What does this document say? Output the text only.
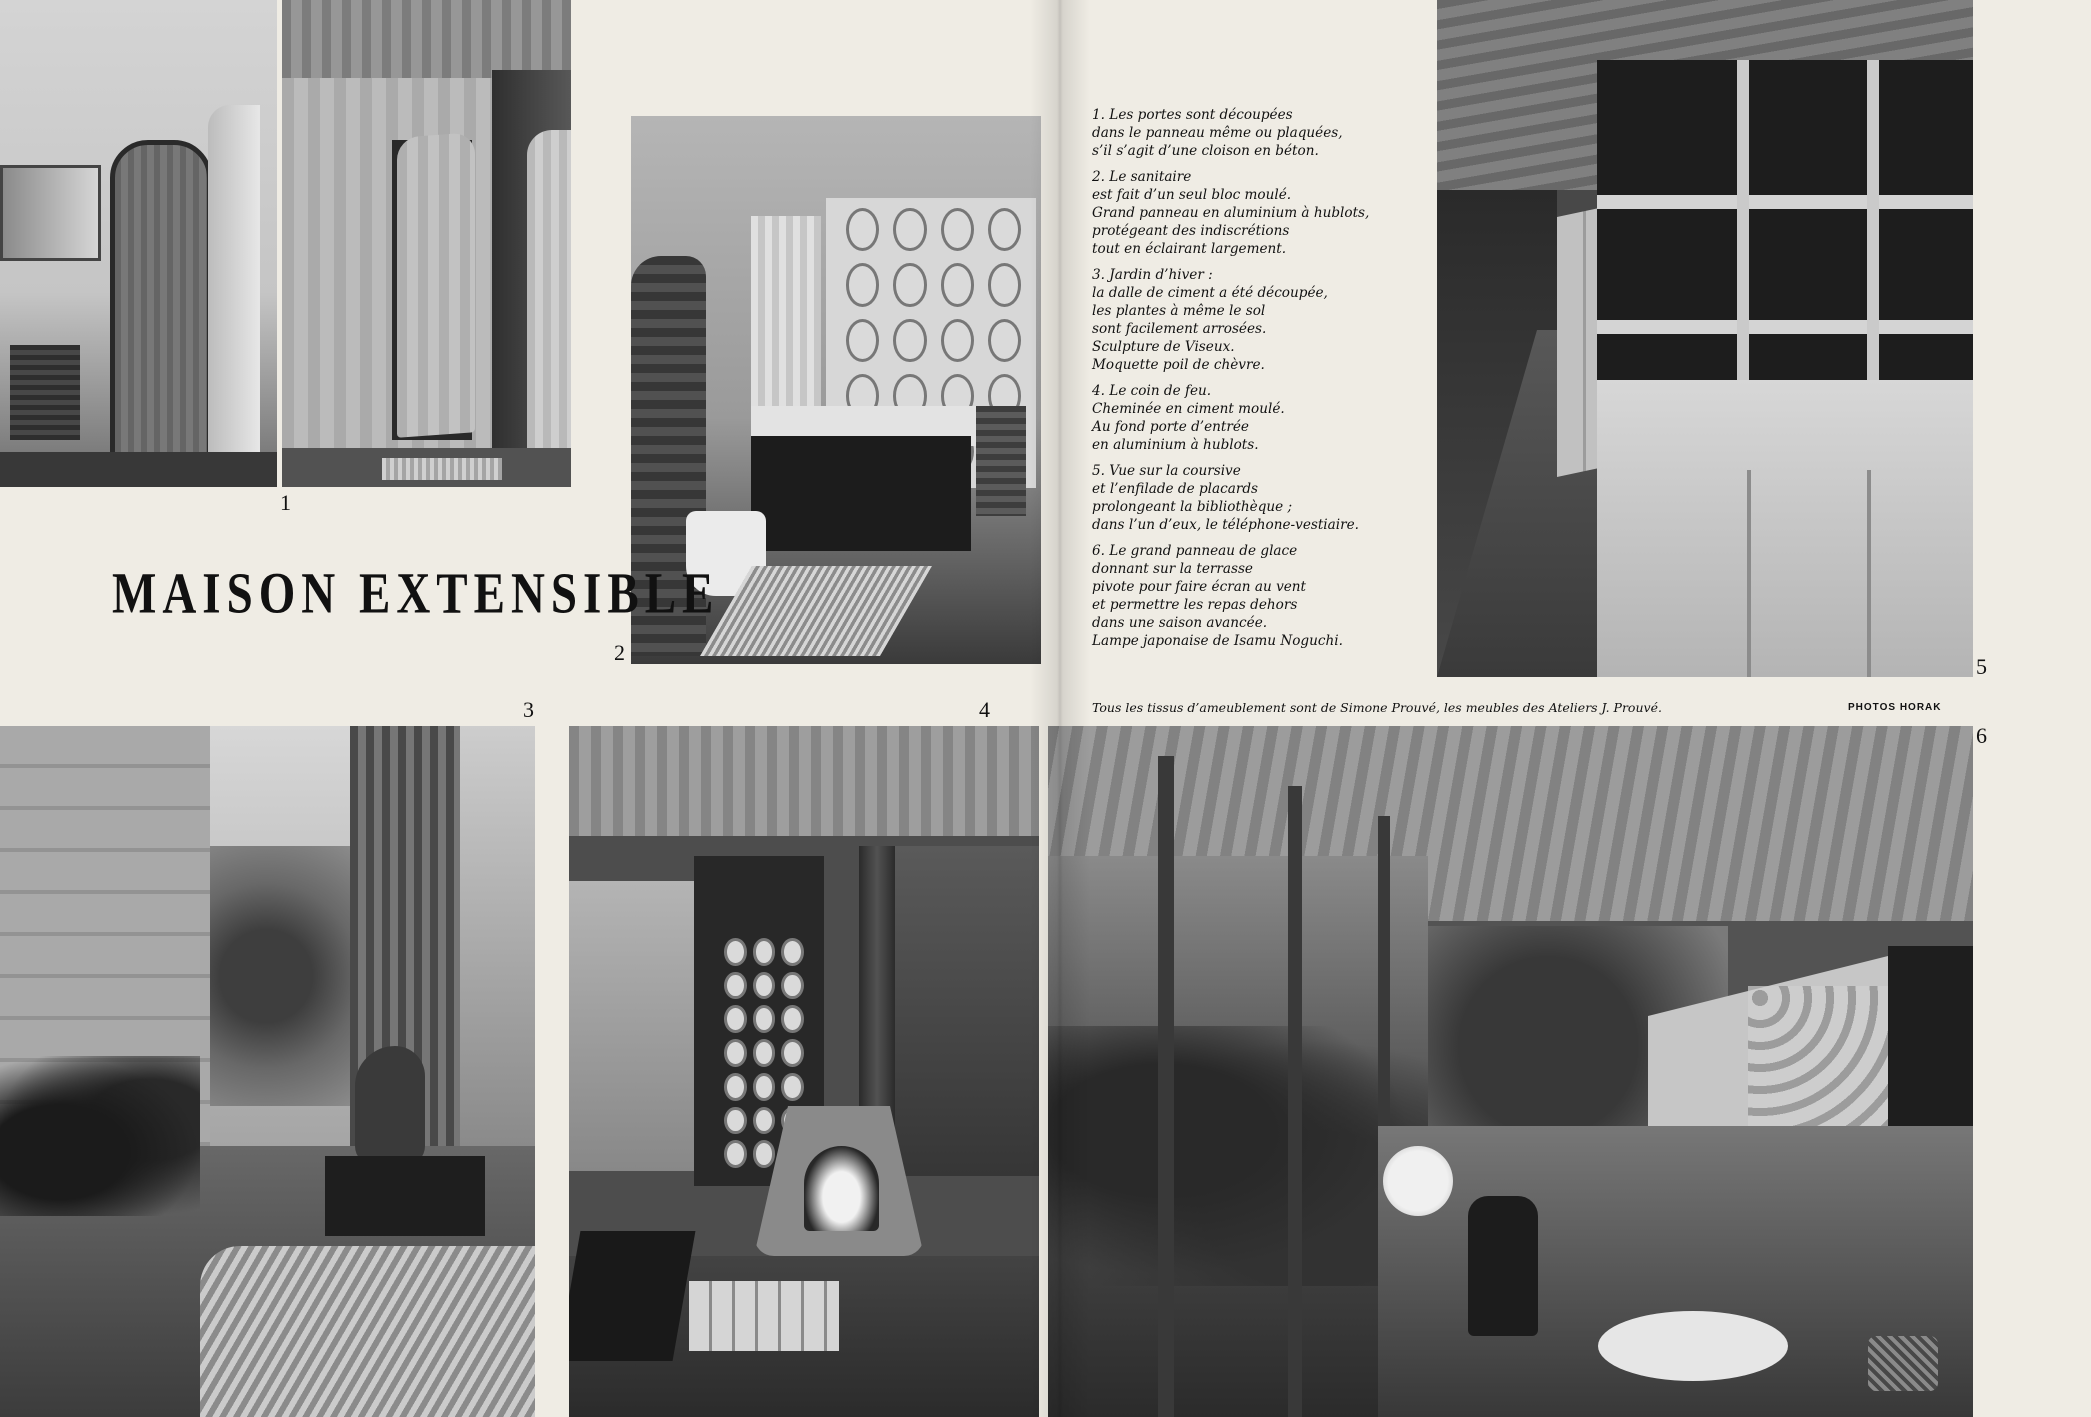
1
2
3	4
5
6
MAISON EXTENSIBLE

1. Les portes sont découpées
dans le panneau même ou plaquées,
s’il s’agit d’une cloison en béton.

2. Le sanitaire
est fait d’un seul bloc moulé.
Grand panneau en aluminium à hublots,
protégeant des indiscrétions
tout en éclairant largement.

3. Jardin d’hiver :
la dalle de ciment a été découpée,
les plantes à même le sol
sont facilement arrosées.
Sculpture de Viseux.
Moquette poil de chèvre.

4. Le coin de feu.
Cheminée en ciment moulé.
Au fond porte d’entrée
en aluminium à hublots.

5. Vue sur la coursive
et l’enfilade de placards
prolongeant la bibliothèque ;
dans l’un d’eux, le téléphone-vestiaire.

6. Le grand panneau de glace
donnant sur la terrasse
pivote pour faire écran au vent
et permettre les repas dehors
dans une saison avancée.
Lampe japonaise de Isamu Noguchi.

Tous les tissus d’ameublement sont de Simone Prouvé, les meubles des Ateliers J. Prouvé.	PHOTOS HORAK
